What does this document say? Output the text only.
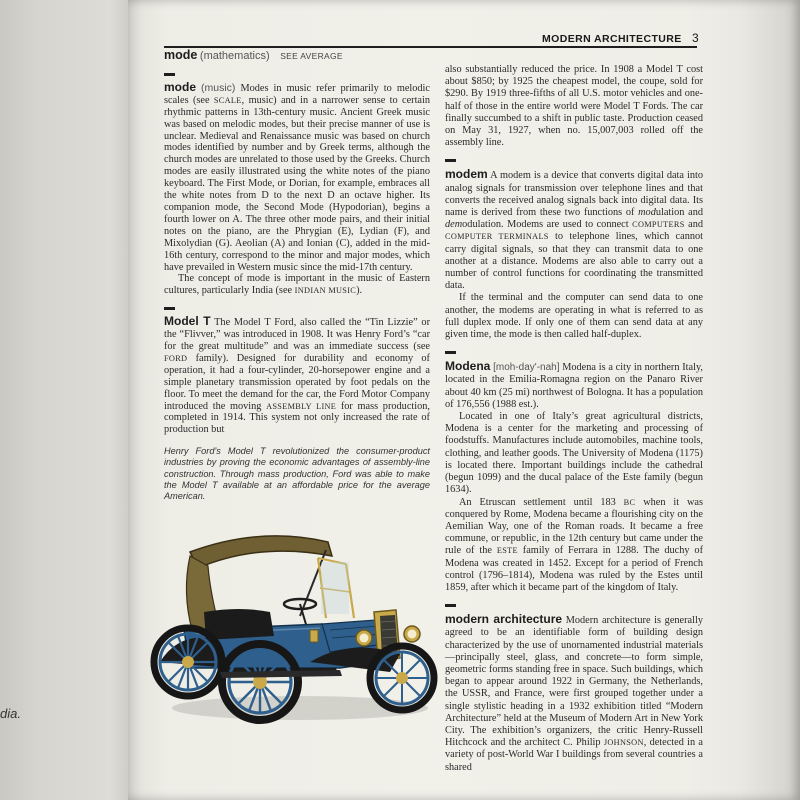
dia.
MODERN ARCHITECTURE 3
mode (mathematics) SEE AVERAGE

mode (music) Modes in music refer primarily to melodic scales (see SCALE, music) and in a narrower sense to certain rhythmic patterns in 13th-century music. Ancient Greek music was based on melodic modes, but their precise manner of use is unclear. Medieval and Renaissance music was based on church modes identified by number and by Greek terms, although the church modes are unrelated to those used by the Greeks. Church modes are easily illustrated using the white notes of the piano keyboard. The First Mode, or Dorian, for example, embraces all the white notes from D to the next D an octave higher. Its companion mode, the Second Mode (Hypodorian), begins a fourth lower on A. The three other mode pairs, and their initial notes on the piano, are the Phrygian (E), Lydian (F), and Mixolydian (G). Aeolian (A) and Ionian (C), added in the mid-16th century, correspond to the minor and major modes, which have prevailed in Western music since the mid-17th century.

The concept of mode is important in the music of Eastern cultures, particularly India (see INDIAN MUSIC).

Model T The Model T Ford, also called the “Tin Lizzie” or the “Flivver,” was introduced in 1908. It was Henry Ford’s “car for the great multitude” and was an immediate success (see FORD family). Designed for durability and economy of operation, it had a four-cylinder, 20-horsepower engine and a simple planetary transmission operated by foot pedals on the floor. To meet the demand for the car, the Ford Motor Company introduced the moving ASSEMBLY LINE for mass production, completed in 1914. This system not only increased the rate of production but

Henry Ford’s Model T revolutionized the consumer-product industries by proving the economic advantages of assembly-line construction. Through mass production, Ford was able to make the Model T available at an affordable price for the average American.

also substantially reduced the price. In 1908 a Model T cost about $850; by 1925 the cheapest model, the coupe, sold for $290. By 1919 three-fifths of all U.S. motor vehicles and one-half of those in the entire world were Model T Fords. The car finally succumbed to a shift in public taste. Production ceased on May 31, 1927, when no. 15,007,003 rolled off the assembly line.

modem A modem is a device that converts digital data into analog signals for transmission over telephone lines and that converts the received analog signals back into digital data. Its name is derived from these two functions of modulation and demodulation. Modems are used to connect COMPUTERS and COMPUTER TERMINALS to telephone lines, which cannot carry digital signals, so that they can transmit data to one another at a distance. Modems are also able to carry out a number of control functions for coordinating the transmitted data.

If the terminal and the computer can send data to one another, the modems are operating in what is referred to as full duplex mode. If only one of them can send data at any given time, the mode is then called half-duplex.

Modena [moh-day'-nah] Modena is a city in northern Italy, located in the Emilia-Romagna region on the Panaro River about 40 km (25 mi) northwest of Bologna. It has a population of 176,556 (1988 est.).

Located in one of Italy’s great agricultural districts, Modena is a center for the marketing and processing of foodstuffs. Manufactures include automobiles, machine tools, clothing, and leather goods. The University of Modena (1175) is located there. Important buildings include the cathedral (begun 1099) and the ducal palace of the Este family (begun 1634).

An Etruscan settlement until 183 BC when it was conquered by Rome, Modena became a flourishing city on the Aemilian Way, one of the Roman roads. It became a free commune, or republic, in the 12th century but came under the rule of the ESTE family of Ferrara in 1288. The duchy of Modena was created in 1452. Except for a period of French control (1796–1814), Modena was ruled by the Estes until 1859, after which it became part of the kingdom of Italy.

modern architecture Modern architecture is generally agreed to be an identifiable form of building design characterized by the use of unornamented industrial materials—principally steel, glass, and concrete—to form simple, geometric forms standing free in space. Such buildings, which began to appear around 1922 in Germany, the Netherlands, the USSR, and France, were first grouped together under a single stylistic heading in a 1932 exhibition titled “Modern Architecture” held at the Museum of Modern Art in New York City. The exhibition’s organizers, the critic Henry-Russell Hitchcock and the architect C. Philip JOHNSON, detected in a variety of post-World War I buildings from several countries a shared
